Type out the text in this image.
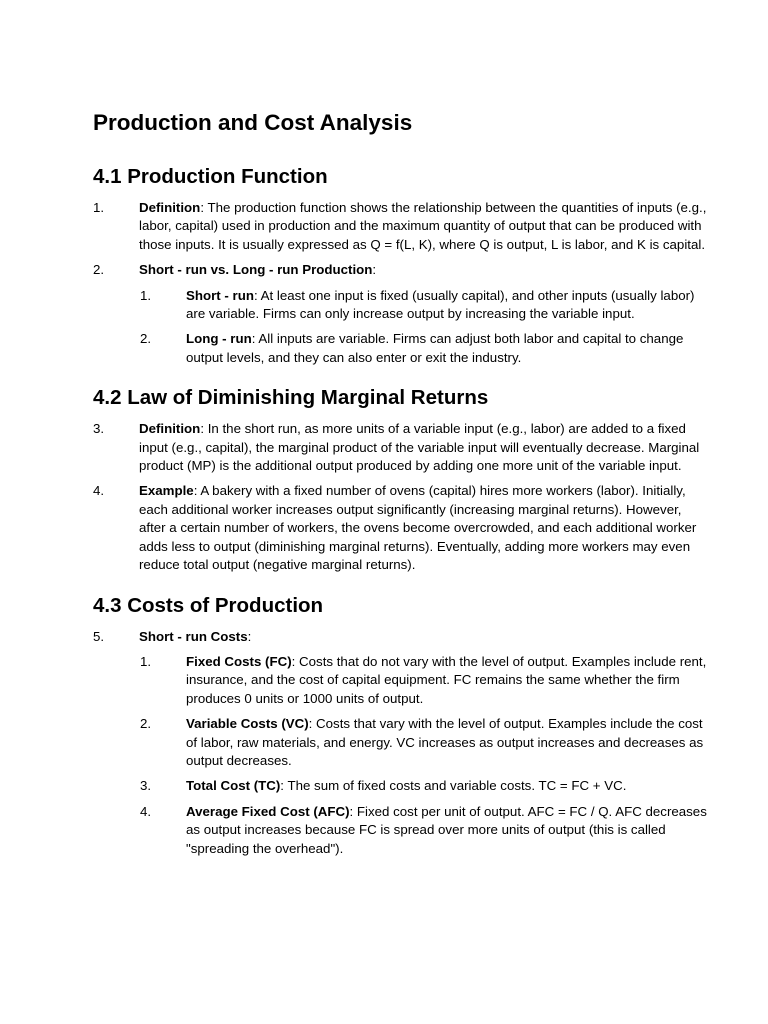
Production and Cost Analysis
4.1 Production Function
1.	Definition: The production function shows the relationship between the quantities of inputs (e.g., labor, capital) used in production and the maximum quantity of output that can be produced with those inputs. It is usually expressed as Q = f(L, K), where Q is output, L is labor, and K is capital.
2.	Short - run vs. Long - run Production:
1.	Short - run: At least one input is fixed (usually capital), and other inputs (usually labor) are variable. Firms can only increase output by increasing the variable input.
2.	Long - run: All inputs are variable. Firms can adjust both labor and capital to change output levels, and they can also enter or exit the industry.
4.2 Law of Diminishing Marginal Returns
3.	Definition: In the short run, as more units of a variable input (e.g., labor) are added to a fixed input (e.g., capital), the marginal product of the variable input will eventually decrease. Marginal product (MP) is the additional output produced by adding one more unit of the variable input.
4.	Example: A bakery with a fixed number of ovens (capital) hires more workers (labor). Initially, each additional worker increases output significantly (increasing marginal returns). However, after a certain number of workers, the ovens become overcrowded, and each additional worker adds less to output (diminishing marginal returns). Eventually, adding more workers may even reduce total output (negative marginal returns).
4.3 Costs of Production
5.	Short - run Costs:
1.	Fixed Costs (FC): Costs that do not vary with the level of output. Examples include rent, insurance, and the cost of capital equipment. FC remains the same whether the firm produces 0 units or 1000 units of output.
2.	Variable Costs (VC): Costs that vary with the level of output. Examples include the cost of labor, raw materials, and energy. VC increases as output increases and decreases as output decreases.
3.	Total Cost (TC): The sum of fixed costs and variable costs. TC = FC + VC.
4.	Average Fixed Cost (AFC): Fixed cost per unit of output. AFC = FC / Q. AFC decreases as output increases because FC is spread over more units of output (this is called "spreading the overhead").
